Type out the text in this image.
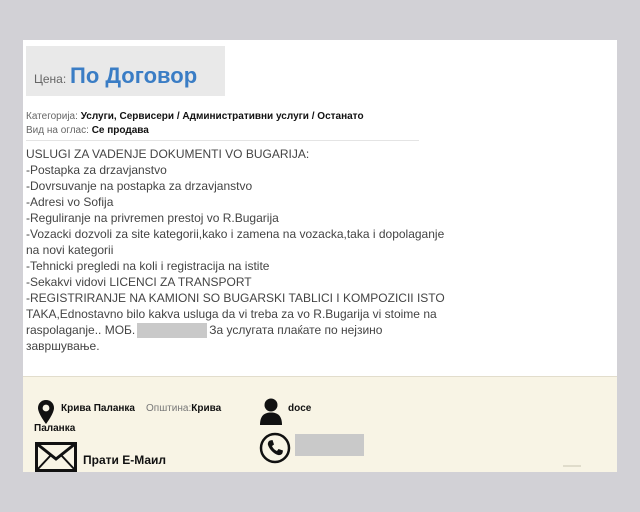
Цена: По Договор
Категорија: Услуги, Сервисери / Административни услуги / Останато
Вид на оглас: Се продава
USLUGI ZA VADENJE DOKUMENTI VO BUGARIJA:
-Postapka za drzavjanstvo
-Dovrsuvanje na postapka za drzavjanstvo
-Adresi vo Sofija
-Reguliranje na privremen prestoj vo R.Bugarija
-Vozacki dozvoli za site kategorii,kako i zamena na vozacka,taka i dopolaganje
na novi kategorii
-Tehnicki pregledi na koli i registracija na istite
-Sekakvi vidovi LICENCI ZA TRANSPORT
-REGISTRIRANJE NA KAMIONI SO BUGARSKI TABLICI I KOMPOZICII ISTO
TAKA,Ednostavno bilo kakva usluga da vi treba za vo R.Bugarija vi stoime na
raspolaganje.. МОБ.	За услугата плаќате по нејзино
завршување.
Крива Паланка Општина:Крива
Паланка
doce
Прати Е-Маил
